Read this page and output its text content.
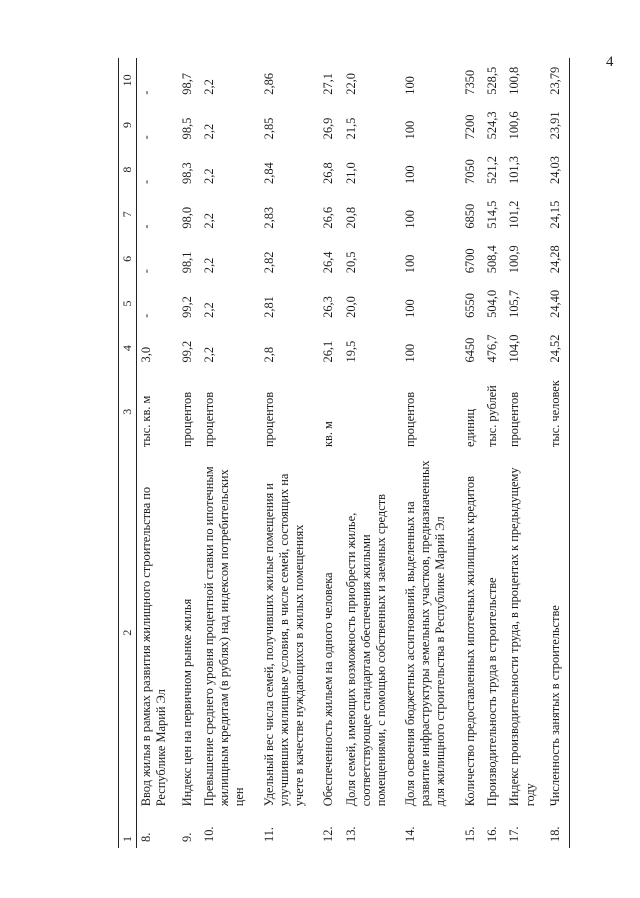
4
1	2	3	4	5	6	7	8	9	10
8.	Ввод жилья в рамках развития жилищного строительства по Республике Марий Эл	тыс. кв. м	3,0	-	-	-	-	-	-
9.	Индекс цен на первичном рынке жилья	процентов	99,2	99,2	98,1	98,0	98,3	98,5	98,7
10.	Превышение среднего уровня процентной ставки по ипотечным жилищным кредитам (в рублях) над индексом потребительских цен	процентов	2,2	2,2	2,2	2,2	2,2	2,2	2,2
11.	Удельный вес числа семей, получивших жилые помещения и улучшивших жилищные условия, в числе семей, состоящих на учете в качестве нуждающихся в жилых помещениях	процентов	2,8	2,81	2,82	2,83	2,84	2,85	2,86
12.	Обеспеченность жильем на одного человека	кв. м	26,1	26,3	26,4	26,6	26,8	26,9	27,1
13.	Доля семей, имеющих возможность приобрести жилье, соответствующее стандартам обеспечения жилыми помещениями, с помощью собственных и заемных средств		19,5	20,0	20,5	20,8	21,0	21,5	22,0
14.	Доля освоения бюджетных ассигнований, выделенных на развитие инфраструктуры земельных участков, предназначенных для жилищного строительства в Республике Марий Эл	процентов	100	100	100	100	100	100	100
15.	Количество предоставленных ипотечных жилищных кредитов	единиц	6450	6550	6700	6850	7050	7200	7350
16.	Производительность труда в строительстве	тыс. рублей	476,7	504,0	508,4	514,5	521,2	524,3	528,5
17.	Индекс производительности труда, в процентах к предыдущему году	процентов	104,0	105,7	100,9	101,2	101,3	100,6	100,8
18.	Численность занятых в строительстве	тыс. человек	24,52	24,40	24,28	24,15	24,03	23,91	23,79
